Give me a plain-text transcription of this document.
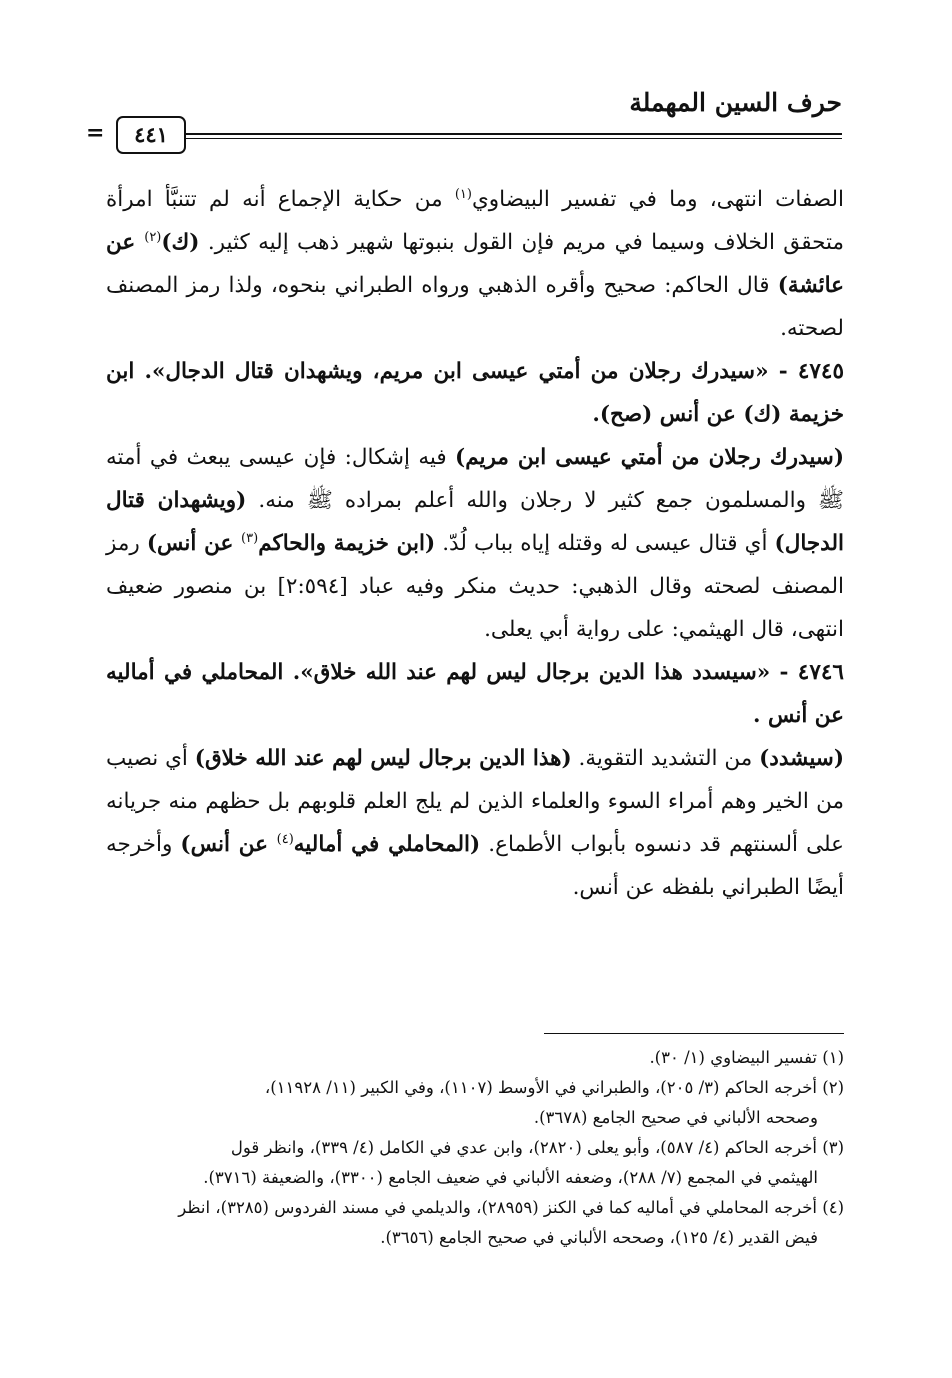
حرف السين المهملة
٤٤١
=

الصفات انتهى، وما في تفسير البيضاوي$^{(١)}$ من حكاية الإجماع أنه لم تتنبَّأ امرأة متحقق الخلاف وسيما في مريم فإن القول بنبوتها شهير ذهب إليه كثير. (ك)$^{(٢)}$ عن عائشة) قال الحاكم: صحيح وأقره الذهبي ورواه الطبراني بنحوه، ولذا رمز المصنف لصحته.

٤٧٤٥ - «سيدرك رجلان من أمتي عيسى ابن مريم، ويشهدان قتال الدجال». ابن خزيمة (ك) عن أنس (صح).

(سيدرك رجلان من أمتي عيسى ابن مريم) فيه إشكال: فإن عيسى يبعث في أمته ﷺ والمسلمون جمع كثير لا رجلان والله أعلم بمراده ﷺ منه. (ويشهدان قتال الدجال) أي قتال عيسى له وقتله إياه بباب لُدّ. (ابن خزيمة والحاكم$^{(٣)}$ عن أنس) رمز المصنف لصحته وقال الذهبي: حديث منكر وفيه عباد [٢:٥٩٤] بن منصور ضعيف انتهى، قال الهيثمي: على رواية أبي يعلى.

٤٧٤٦ - «سيسدد هذا الدين برجال ليس لهم عند الله خلاق». المحاملي في أماليه عن أنس .

(سيشدد) من التشديد التقوية. (هذا الدين برجال ليس لهم عند الله خلاق) أي نصيب من الخير وهم أمراء السوء والعلماء الذين لم يلج العلم قلوبهم بل حظهم منه جريانه على ألسنتهم قد دنسوه بأبواب الأطماع. (المحاملي في أماليه$^{(٤)}$ عن أنس) وأخرجه أيضًا الطبراني بلفظه عن أنس.

(١) تفسير البيضاوي (١/ ٣٠).

(٢) أخرجه الحاكم (٣/ ٢٠٥)، والطبراني في الأوسط (١١٠٧)، وفي الكبير (١١/ ١١٩٢٨)،

وصححه الألباني في صحيح الجامع (٣٦٧٨).

(٣) أخرجه الحاكم (٤/ ٥٨٧)، وأبو يعلى (٢٨٢٠)، وابن عدي في الكامل (٤/ ٣٣٩)، وانظر قول

الهيثمي في المجمع (٧/ ٢٨٨)، وضعفه الألباني في ضعيف الجامع (٣٣٠٠)، والضعيفة (٣٧١٦).

(٤) أخرجه المحاملي في أماليه كما في الكنز (٢٨٩٥٩)، والديلمي في مسند الفردوس (٣٢٨٥)، انظر

فيض القدير (٤/ ١٢٥)، وصححه الألباني في صحيح الجامع (٣٦٥٦).
